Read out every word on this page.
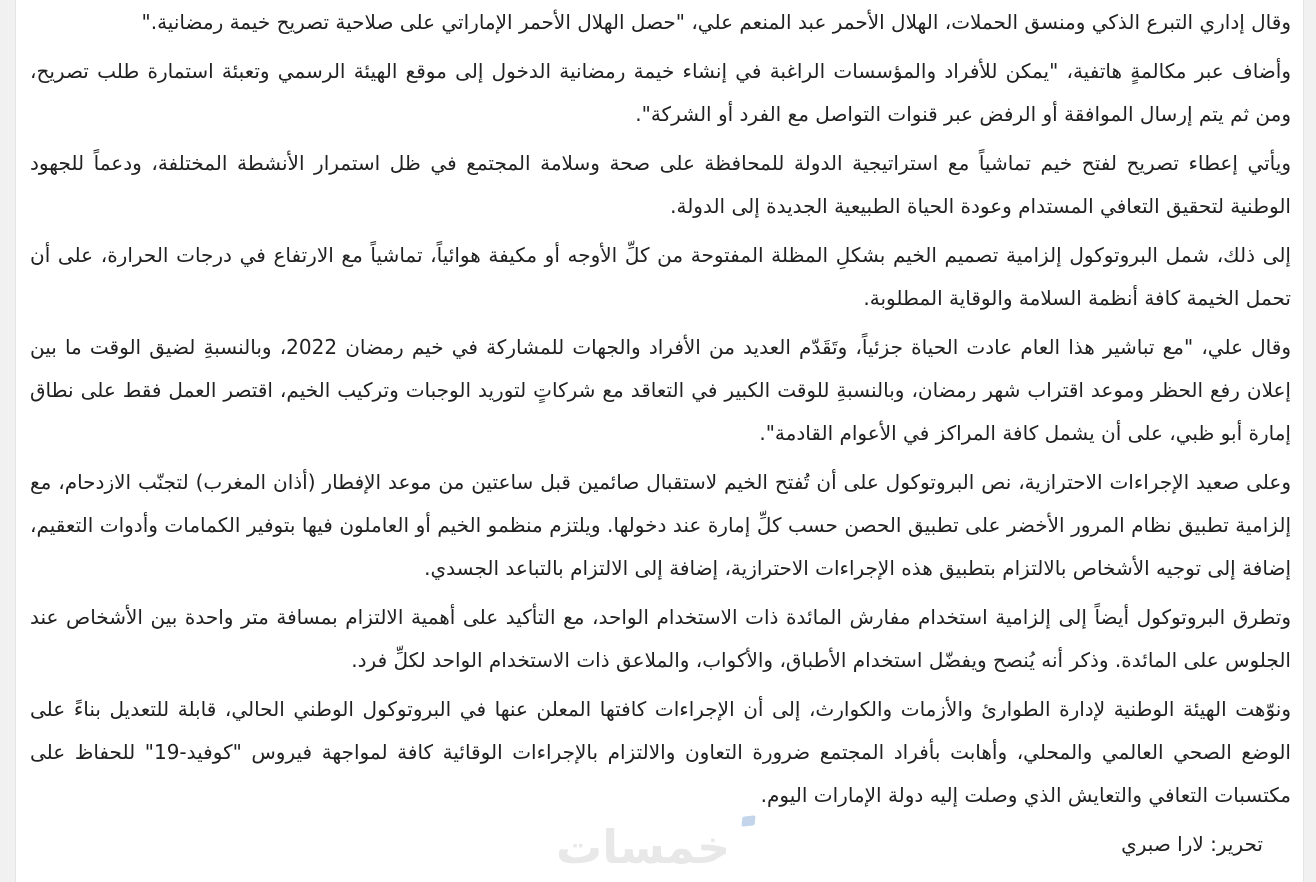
وقال إداري التبرع الذكي ومنسق الحملات، الهلال الأحمر عبد المنعم علي، "حصل الهلال الأحمر الإماراتي على صلاحية تصريح خيمة رمضانية."

وأضاف عبر مكالمةٍ هاتفية، "يمكن للأفراد والمؤسسات الراغبة في إنشاء خيمة رمضانية الدخول إلى موقع الهيئة الرسمي وتعبئة استمارة طلب تصريح، ومن ثم يتم إرسال الموافقة أو الرفض عبر قنوات التواصل مع الفرد أو الشركة".

ويأتي إعطاء تصريح لفتح خيم تماشياً مع استراتيجية الدولة للمحافظة على صحة وسلامة المجتمع في ظل استمرار الأنشطة المختلفة، ودعماً للجهود الوطنية لتحقيق التعافي المستدام وعودة الحياة الطبيعية الجديدة إلى الدولة.

إلى ذلك، شمل البروتوكول إلزامية تصميم الخيم بشكلِ المظلة المفتوحة من كلِّ الأوجه أو مكيفة هوائياً، تماشياً مع الارتفاع في درجات الحرارة، على أن تحمل الخيمة كافة أنظمة السلامة والوقاية المطلوبة.

وقال علي، "مع تباشير هذا العام عادت الحياة جزئياً، وتَقَدّم العديد من الأفراد والجهات للمشاركة في خيم رمضان 2022، وبالنسبةِ لضيق الوقت ما بين إعلان رفع الحظر وموعد اقتراب شهر رمضان، وبالنسبةِ للوقت الكبير في التعاقد مع شركاتٍ لتوريد الوجبات وتركيب الخيم، اقتصر العمل فقط على نطاق إمارة أبو ظبي، على أن يشمل كافة المراكز في الأعوام القادمة".

وعلى صعيد الإجراءات الاحترازية، نص البروتوكول على أن تُفتح الخيم لاستقبال صائمين قبل ساعتين من موعد الإفطار (أذان المغرب) لتجنّب الازدحام، مع إلزامية تطبيق نظام المرور الأخضر على تطبيق الحصن حسب كلِّ إمارة عند دخولها. ويلتزم منظمو الخيم أو العاملون فيها بتوفير الكمامات وأدوات التعقيم، إضافة إلى توجيه الأشخاص بالالتزام بتطبيق هذه الإجراءات الاحترازية، إضافة إلى الالتزام بالتباعد الجسدي.

وتطرق البروتوكول أيضاً إلى إلزامية استخدام مفارش المائدة ذات الاستخدام الواحد، مع التأكيد على أهمية الالتزام بمسافة متر واحدة بين الأشخاص عند الجلوس على المائدة. وذكر أنه يُنصح ويفضّل استخدام الأطباق، والأكواب، والملاعق ذات الاستخدام الواحد لكلِّ فرد.

ونوّهت الهيئة الوطنية لإدارة الطوارئ والأزمات والكوارث، إلى أن الإجراءات كافتها المعلن عنها في البروتوكول الوطني الحالي، قابلة للتعديل بناءً على الوضع الصحي العالمي والمحلي، وأهابت بأفراد المجتمع ضرورة التعاون والالتزام بالإجراءات الوقائية كافة لمواجهة فيروس "كوفيد-19" للحفاظ على مكتسبات التعافي والتعايش الذي وصلت إليه دولة الإمارات اليوم.

تحرير: لارا صبري
خمسات
